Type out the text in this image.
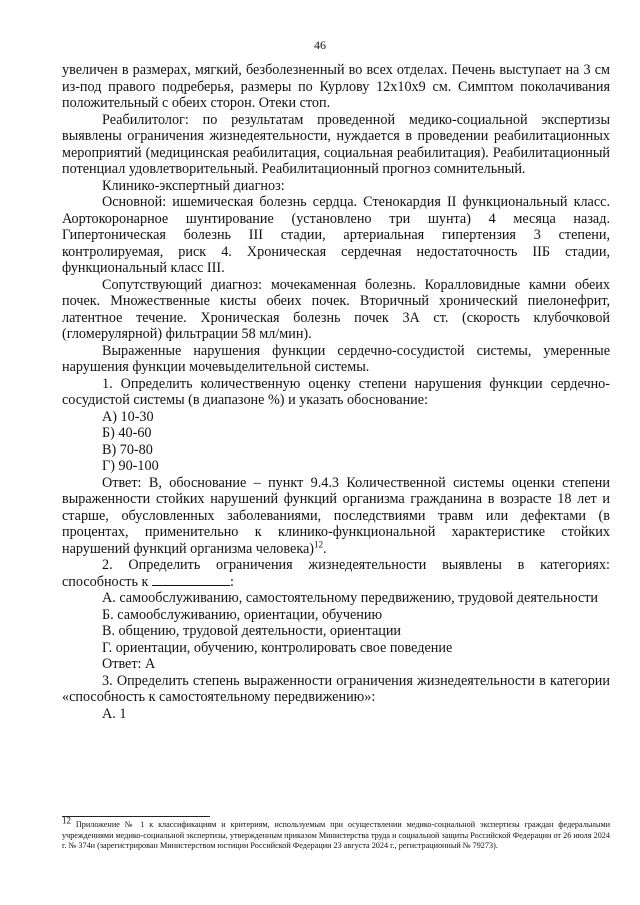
46

увеличен в размерах, мягкий, безболезненный во всех отделах. Печень выступает на 3 см из-под правого подреберья, размеры по Курлову 12х10х9 см. Симптом поколачивания положительный с обеих сторон. Отеки стоп.

Реабилитолог: по результатам проведенной медико-социальной экспертизы выявлены ограничения жизнедеятельности, нуждается в проведении реабилитационных мероприятий (медицинская реабилитация, социальная реабилитация). Реабилитационный потенциал удовлетворительный. Реабилитационный прогноз сомнительный.

Клинико-экспертный диагноз:

Основной: ишемическая болезнь сердца. Стенокардия II функциональный класс. Аортокоронарное шунтирование (установлено три шунта) 4 месяца назад. Гипертоническая болезнь III стадии, артериальная гипертензия 3 степени, контролируемая, риск 4. Хроническая сердечная недостаточность IIБ стадии, функциональный класс III.

Сопутствующий диагноз: мочекаменная болезнь. Коралловидные камни обеих почек. Множественные кисты обеих почек. Вторичный хронический пиелонефрит, латентное течение. Хроническая болезнь почек 3А ст. (скорость клубочковой (гломерулярной) фильтрации 58 мл/мин).

Выраженные нарушения функции сердечно-сосудистой системы, умеренные нарушения функции мочевыделительной системы.

1. Определить количественную оценку степени нарушения функции сердечно-сосудистой системы (в диапазоне %) и указать обоснование:

А) 10-30

Б) 40-60

В) 70-80

Г) 90-100

Ответ: В, обоснование – пункт 9.4.3 Количественной системы оценки степени выраженности стойких нарушений функций организма гражданина в возрасте 18 лет и старше, обусловленных заболеваниями, последствиями травм или дефектами (в процентах, применительно к клинико-функциональной характеристике стойких нарушений функций организма человека)$^{12}$.

2. Определить ограничения жизнедеятельности выявлены в категориях: способность к	:

А. самообслуживанию, самостоятельному передвижению, трудовой деятельности

Б. самообслуживанию, ориентации, обучению

В. общению, трудовой деятельности, ориентации

Г. ориентации, обучению, контролировать свое поведение

Ответ: А

3. Определить степень выраженности ограничения жизнедеятельности в категории «способность к самостоятельному передвижению»:

А. 1

$^{12}$ Приложение № 1 к классификациям и критериям, используемым при осуществлении медико-социальной экспертизы граждан федеральными учреждениями медико-социальной экспертизы, утвержденным приказом Министерства труда и социальной защиты Российской Федерации от 26 июля 2024 г. № 374н (зарегистрирован Министерством юстиции Российской Федерации 23 августа 2024 г., регистрационный № 79273).
